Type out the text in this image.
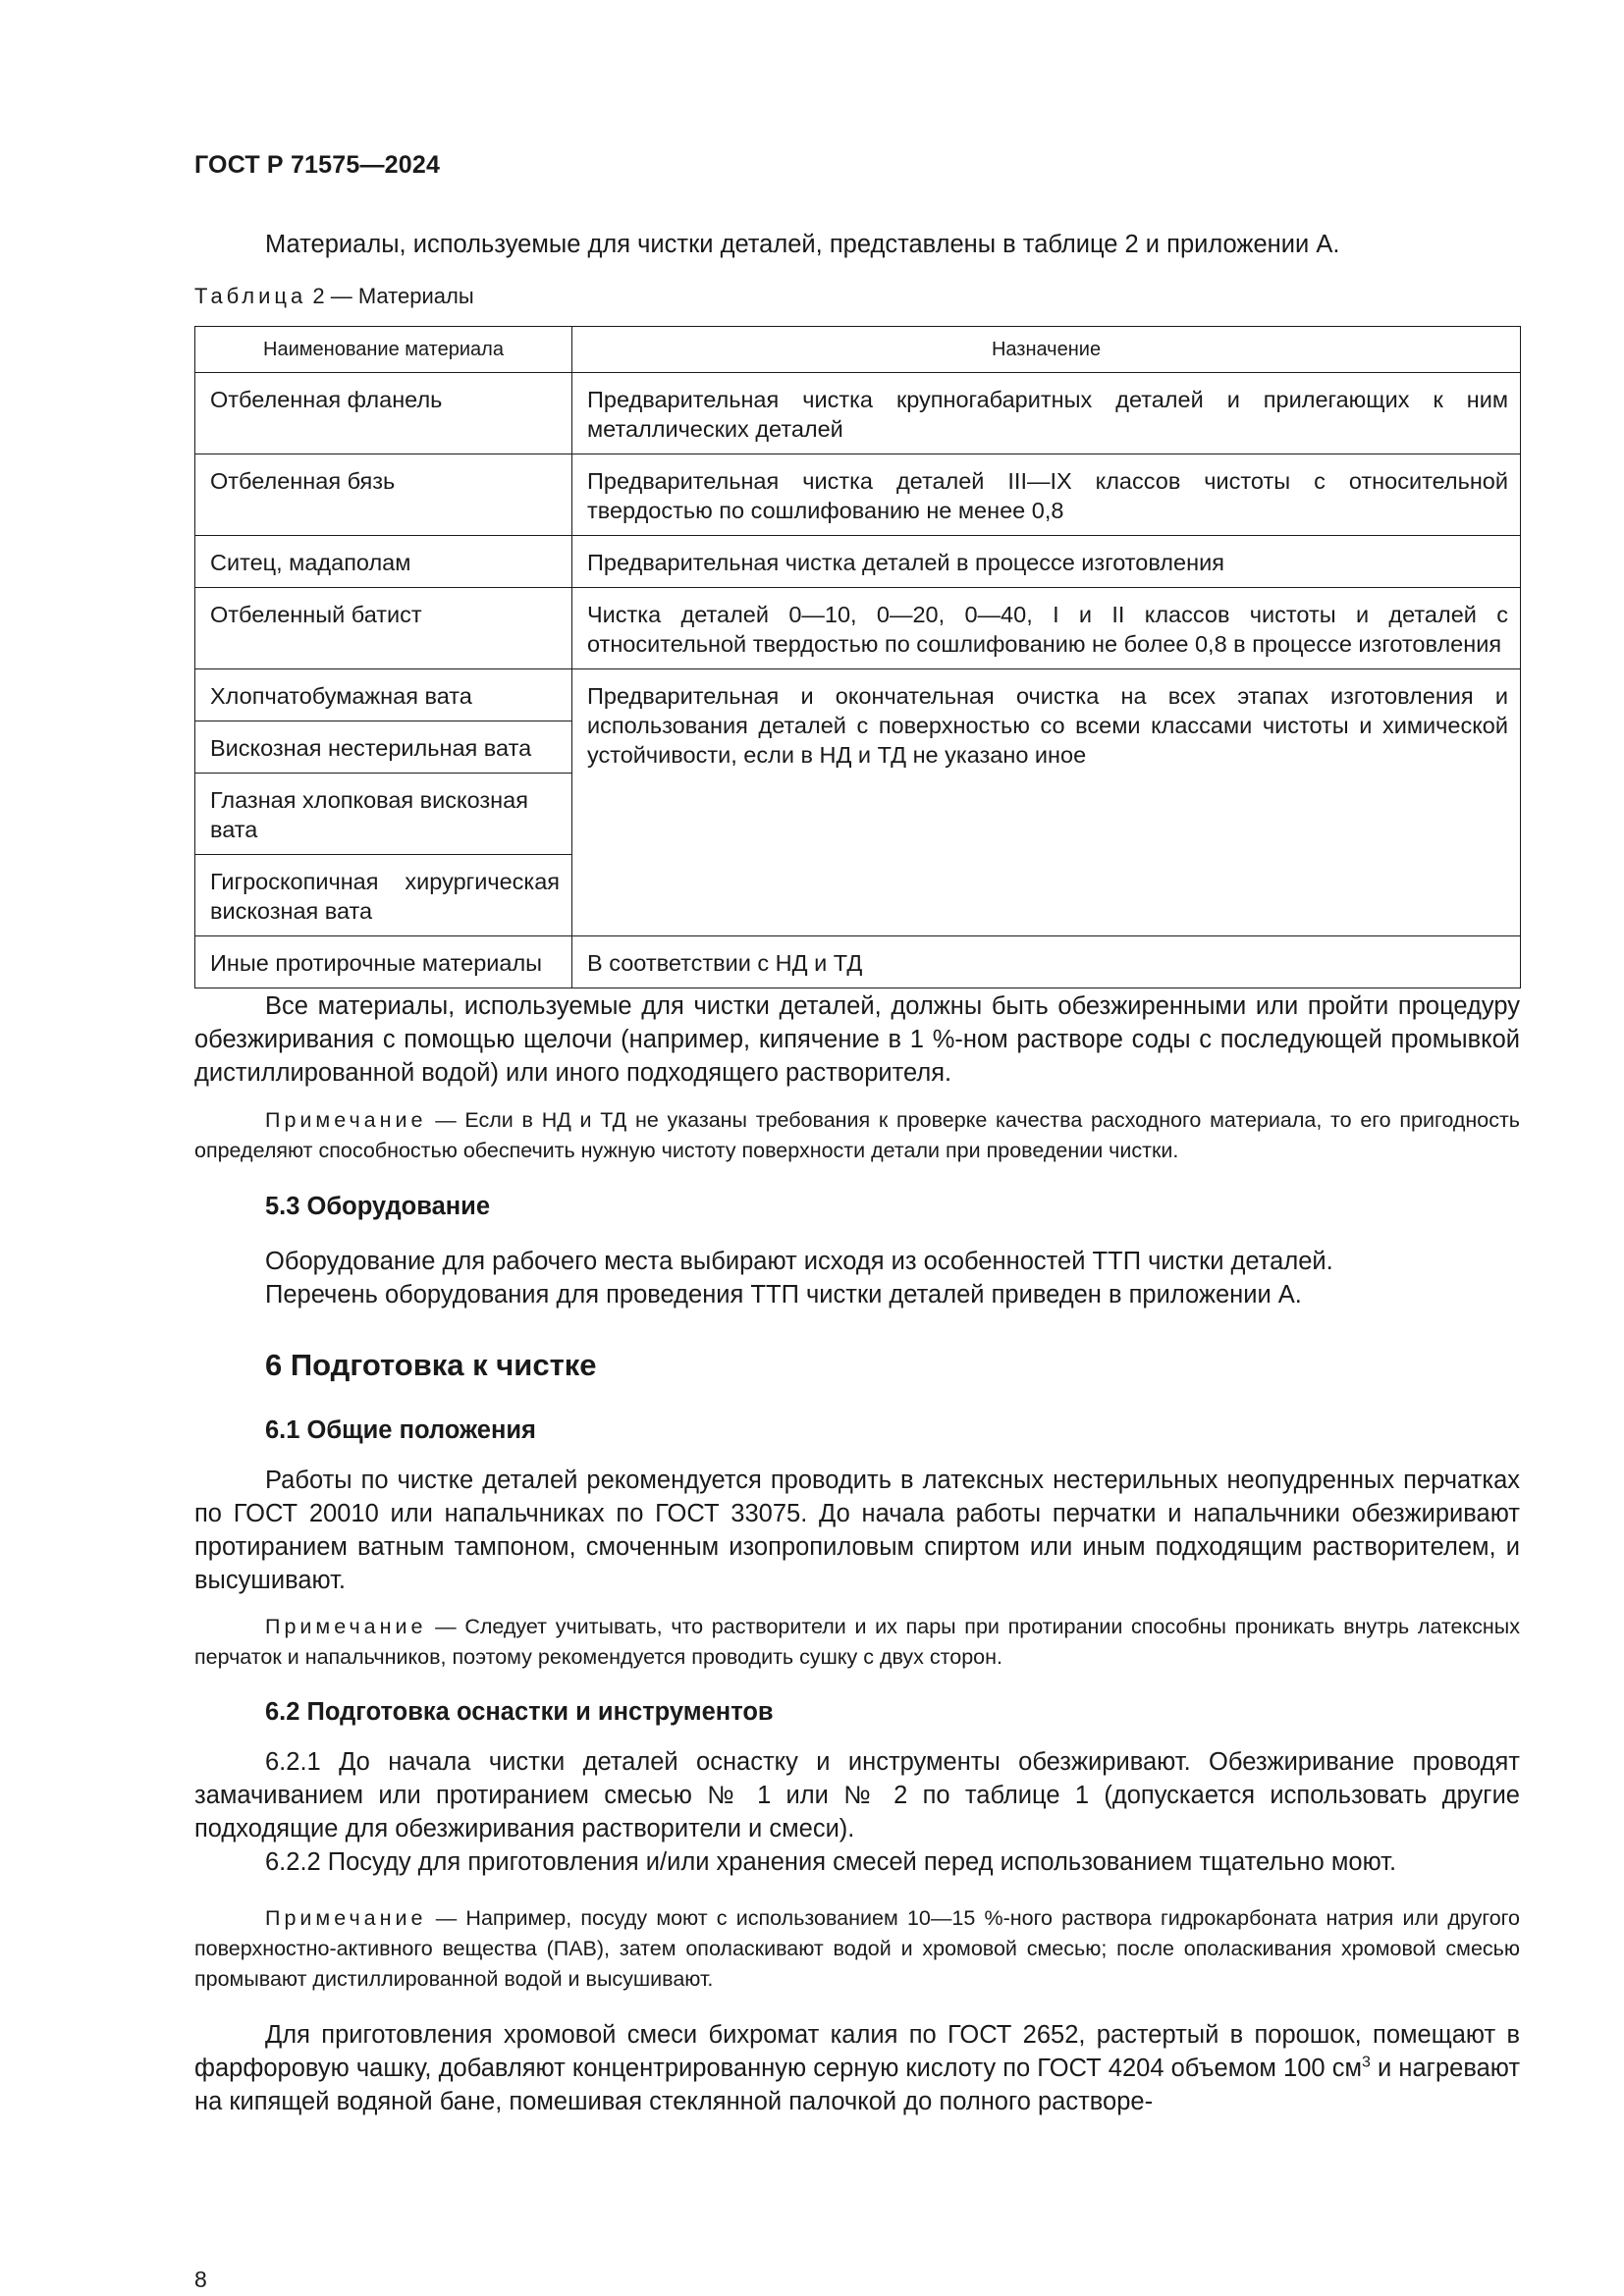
ГОСТ Р 71575—2024

Материалы, используемые для чистки деталей, представлены в таблице 2 и приложении А.

Таблица 2 — Материалы
Наименование материала	Назначение
Отбеленная фланель	Предварительная чистка крупногабаритных деталей и прилегающих к ним металлических деталей
Отбеленная бязь	Предварительная чистка деталей III—IX классов чистоты с относительной твердостью по сошлифованию не менее 0,8
Ситец, мадаполам	Предварительная чистка деталей в процессе изготовления
Отбеленный батист	Чистка деталей 0—10, 0—20, 0—40, I и II классов чистоты и деталей с относительной твердостью по сошлифованию не более 0,8 в процессе изготовления
Хлопчатобумажная вата	Предварительная и окончательная очистка на всех этапах изготовления и использования деталей с поверхностью со всеми классами чистоты и химической устойчивости, если в НД и ТД не указано иное
Вискозная нестерильная вата	
Глазная хлопковая вискозная вата	
Гигроскопичная хирургическая вискозная вата	
Иные протирочные материалы	В соответствии с НД и ТД

Все материалы, используемые для чистки деталей, должны быть обезжиренными или пройти процедуру обезжиривания с помощью щелочи (например, кипячение в 1 %-ном растворе соды с последующей промывкой дистиллированной водой) или иного подходящего растворителя.

Примечание — Если в НД и ТД не указаны требования к проверке качества расходного материала, то его пригодность определяют способностью обеспечить нужную чистоту поверхности детали при проведении чистки.

5.3 Оборудование

Оборудование для рабочего места выбирают исходя из особенностей ТТП чистки деталей.

Перечень оборудования для проведения ТТП чистки деталей приведен в приложении А.

6 Подготовка к чистке
6.1 Общие положения

Работы по чистке деталей рекомендуется проводить в латексных нестерильных неопудренных перчатках по ГОСТ 20010 или напальчниках по ГОСТ 33075. До начала работы перчатки и напальчники обезжиривают протиранием ватным тампоном, смоченным изопропиловым спиртом или иным подходящим растворителем, и высушивают.

Примечание — Следует учитывать, что растворители и их пары при протирании способны проникать внутрь латексных перчаток и напальчников, поэтому рекомендуется проводить сушку с двух сторон.

6.2 Подготовка оснастки и инструментов

6.2.1 До начала чистки деталей оснастку и инструменты обезжиривают. Обезжиривание проводят замачиванием или протиранием смесью № 1 или № 2 по таблице 1 (допускается использовать другие подходящие для обезжиривания растворители и смеси).

6.2.2 Посуду для приготовления и/или хранения смесей перед использованием тщательно моют.

Примечание — Например, посуду моют с использованием 10—15 %-ного раствора гидрокарбоната натрия или другого поверхностно-активного вещества (ПАВ), затем ополаскивают водой и хромовой смесью; после ополаскивания хромовой смесью промывают дистиллированной водой и высушивают.

Для приготовления хромовой смеси бихромат калия по ГОСТ 2652, растертый в порошок, помещают в фарфоровую чашку, добавляют концентрированную серную кислоту по ГОСТ 4204 объемом 100 $см^3$ и нагревают на кипящей водяной бане, помешивая стеклянной палочкой до полного растворе-

8
